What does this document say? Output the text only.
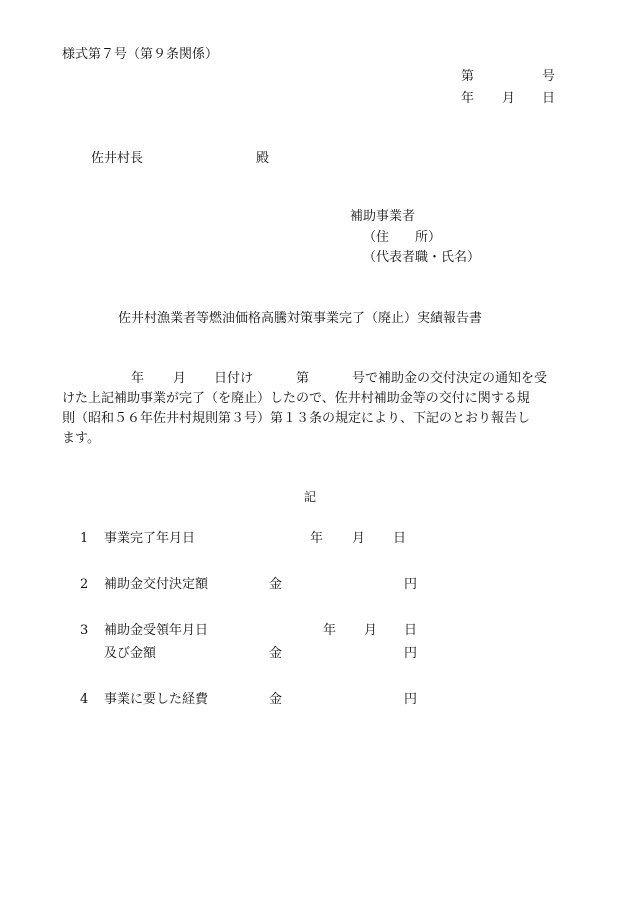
様式第７号（第９条関係）
第	号
年 月 日
佐井村長	殿
補助事業者
（住　　所）
（代表者職・氏名）
佐井村漁業者等燃油価格高騰対策事業完了（廃止）実績報告書
年 月 日付け	第	号で補助金の交付決定の通知を受
けた上記補助事業が完了（を廃止）したので、佐井村補助金等の交付に関する規
則（昭和５６年佐井村規則第３号）第１３条の規定により、下記のとおり報告し
ます。
記
1 事業完了年月日	年 月 日
2 補助金交付決定額	金	円
3 補助金受領年月日	年 月 日
及び金額	金	円
4 事業に要した経費	金	円
